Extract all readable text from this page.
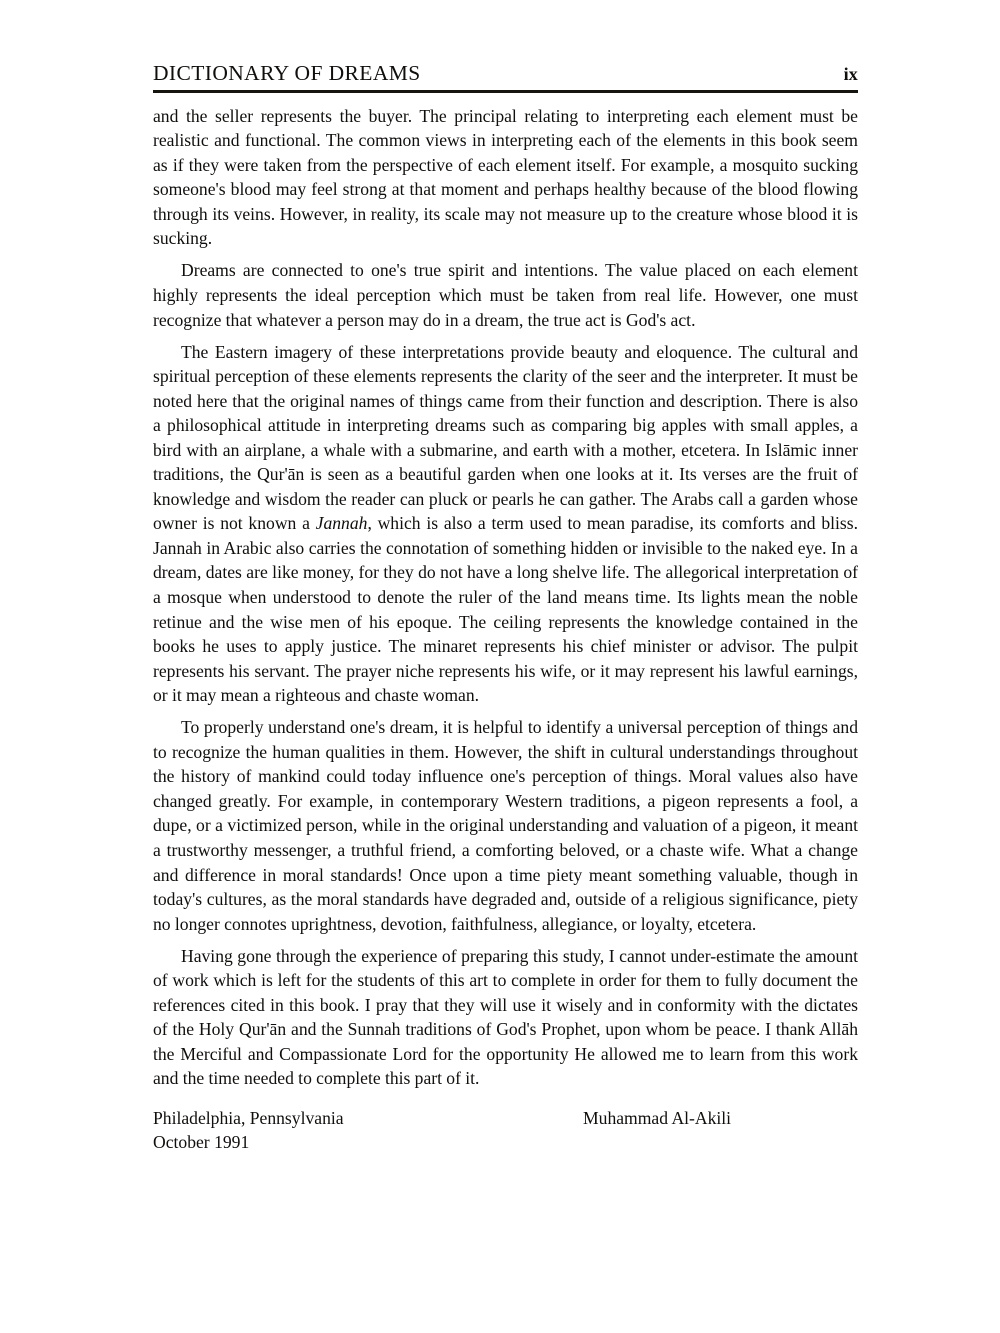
DICTIONARY OF DREAMS	ix

and the seller represents the buyer. The principal relating to interpreting each element must be realistic and functional. The common views in interpreting each of the elements in this book seem as if they were taken from the perspective of each element itself. For example, a mosquito sucking someone's blood may feel strong at that moment and perhaps healthy because of the blood flowing through its veins. However, in reality, its scale may not measure up to the creature whose blood it is sucking.

Dreams are connected to one's true spirit and intentions. The value placed on each element highly represents the ideal perception which must be taken from real life. However, one must recognize that whatever a person may do in a dream, the true act is God's act.

The Eastern imagery of these interpretations provide beauty and eloquence. The cultural and spiritual perception of these elements represents the clarity of the seer and the interpreter. It must be noted here that the original names of things came from their function and description. There is also a philosophical attitude in interpreting dreams such as comparing big apples with small apples, a bird with an airplane, a whale with a submarine, and earth with a mother, etcetera. In Islāmic inner traditions, the Qur'ān is seen as a beautiful garden when one looks at it. Its verses are the fruit of knowledge and wisdom the reader can pluck or pearls he can gather. The Arabs call a garden whose owner is not known a Jannah, which is also a term used to mean paradise, its comforts and bliss. Jannah in Arabic also carries the connotation of something hidden or invisible to the naked eye. In a dream, dates are like money, for they do not have a long shelve life. The allegorical interpretation of a mosque when understood to denote the ruler of the land means time. Its lights mean the noble retinue and the wise men of his epoque. The ceiling represents the knowledge contained in the books he uses to apply justice. The minaret represents his chief minister or advisor. The pulpit represents his servant. The prayer niche represents his wife, or it may represent his lawful earnings, or it may mean a righteous and chaste woman.

To properly understand one's dream, it is helpful to identify a universal perception of things and to recognize the human qualities in them. However, the shift in cultural understandings throughout the history of mankind could today influence one's perception of things. Moral values also have changed greatly. For example, in contemporary Western traditions, a pigeon represents a fool, a dupe, or a victimized person, while in the original understanding and valuation of a pigeon, it meant a trustworthy messenger, a truthful friend, a comforting beloved, or a chaste wife. What a change and difference in moral standards! Once upon a time piety meant something valuable, though in today's cultures, as the moral standards have degraded and, outside of a religious significance, piety no longer connotes uprightness, devotion, faithfulness, allegiance, or loyalty, etcetera.

Having gone through the experience of preparing this study, I cannot under-estimate the amount of work which is left for the students of this art to complete in order for them to fully document the references cited in this book. I pray that they will use it wisely and in conformity with the dictates of the Holy Qur'ān and the Sunnah traditions of God's Prophet, upon whom be peace. I thank Allāh the Merciful and Compassionate Lord for the opportunity He allowed me to learn from this work and the time needed to complete this part of it.

Philadelphia, Pennsylvania	Muhammad Al-Akili
October 1991
